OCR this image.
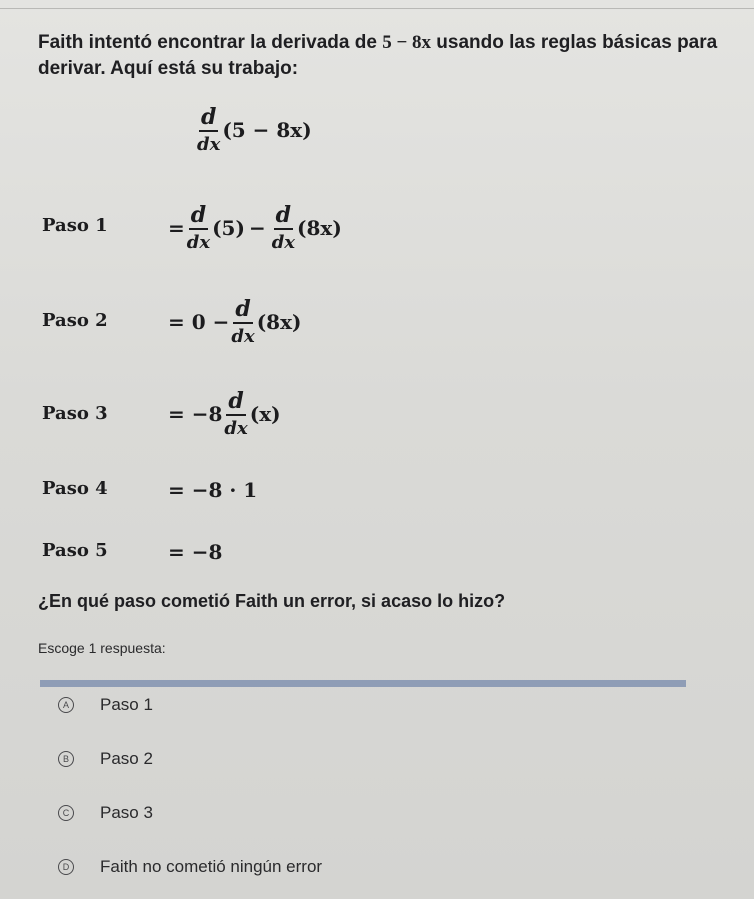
Faith intentó encontrar la derivada de 5 − 8x usando las reglas básicas para derivar. Aquí está su trabajo:
$\frac{d}{dx} (5 - 8x)$
Paso 1	= $\frac{d}{dx} (5) - \frac{d}{dx} (8x)$
Paso 2	= $0 - \frac{d}{dx} (8x)$
Paso 3	= $-8 \frac{d}{dx} (x)$
Paso 4	= −8 · 1
Paso 5	= −8
¿En qué paso cometió Faith un error, si acaso lo hizo?
Escoge 1 respuesta:
A Paso 1
B Paso 2
C Paso 3
D Faith no cometió ningún error
